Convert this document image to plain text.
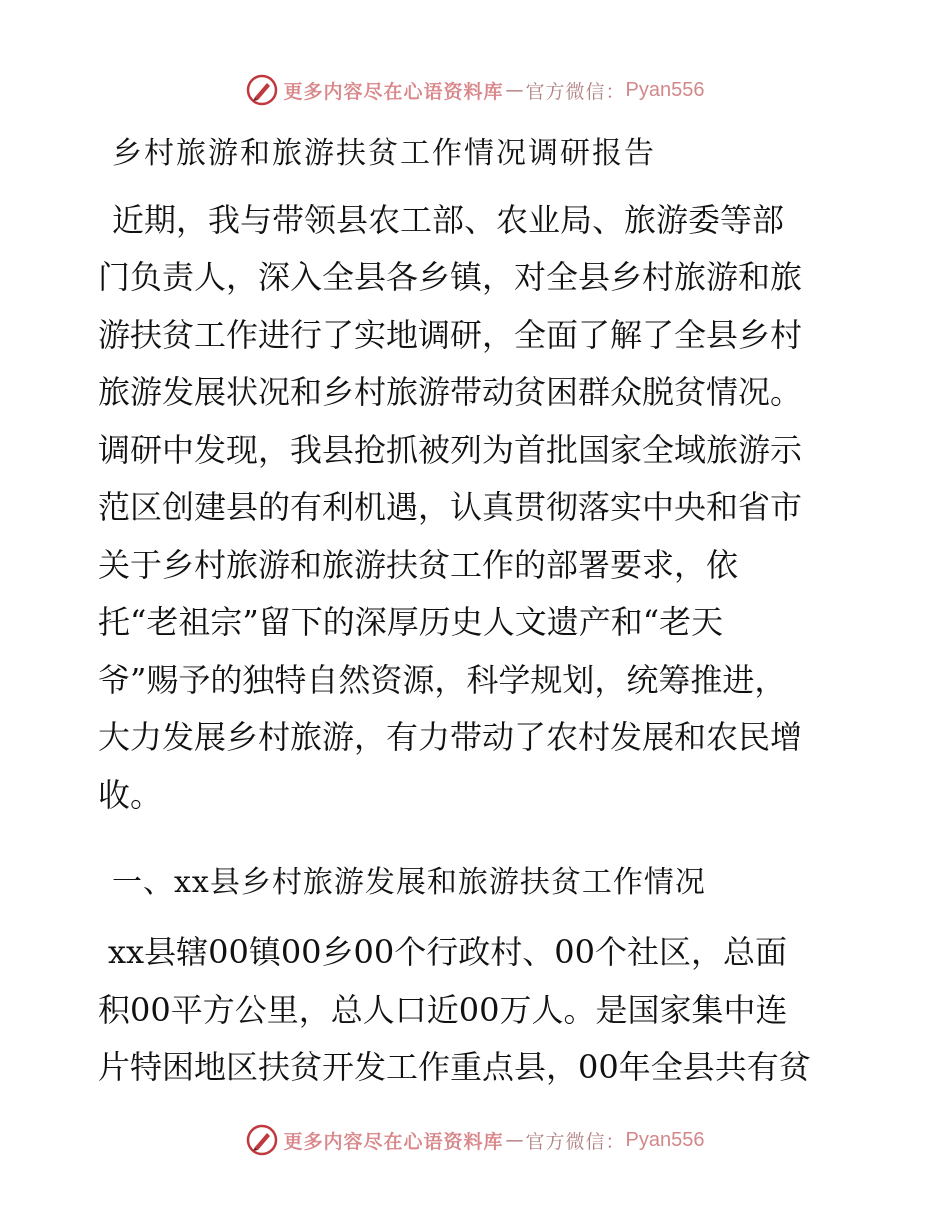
更多内容尽在心语资料库 — 官方微信： Pyan556
乡村旅游和旅游扶贫工作情况调研报告
近期，我与带领县农工部、农业局、旅游委等部
门负责人，深入全县各乡镇，对全县乡村旅游和旅
游扶贫工作进行了实地调研，全面了解了全县乡村
旅游发展状况和乡村旅游带动贫困群众脱贫情况。
调研中发现，我县抢抓被列为首批国家全域旅游示
范区创建县的有利机遇，认真贯彻落实中央和省市
关于乡村旅游和旅游扶贫工作的部署要求，依
托“老祖宗”留下的深厚历史人文遗产和“老天
爷”赐予的独特自然资源，科学规划，统筹推进，
大力发展乡村旅游，有力带动了农村发展和农民增
收。
一、xx县乡村旅游发展和旅游扶贫工作情况
xx县辖00镇00乡00个行政村、00个社区，总面
积00平方公里，总人口近00万人。是国家集中连
片特困地区扶贫开发工作重点县，00年全县共有贫
更多内容尽在心语资料库 — 官方微信： Pyan556
